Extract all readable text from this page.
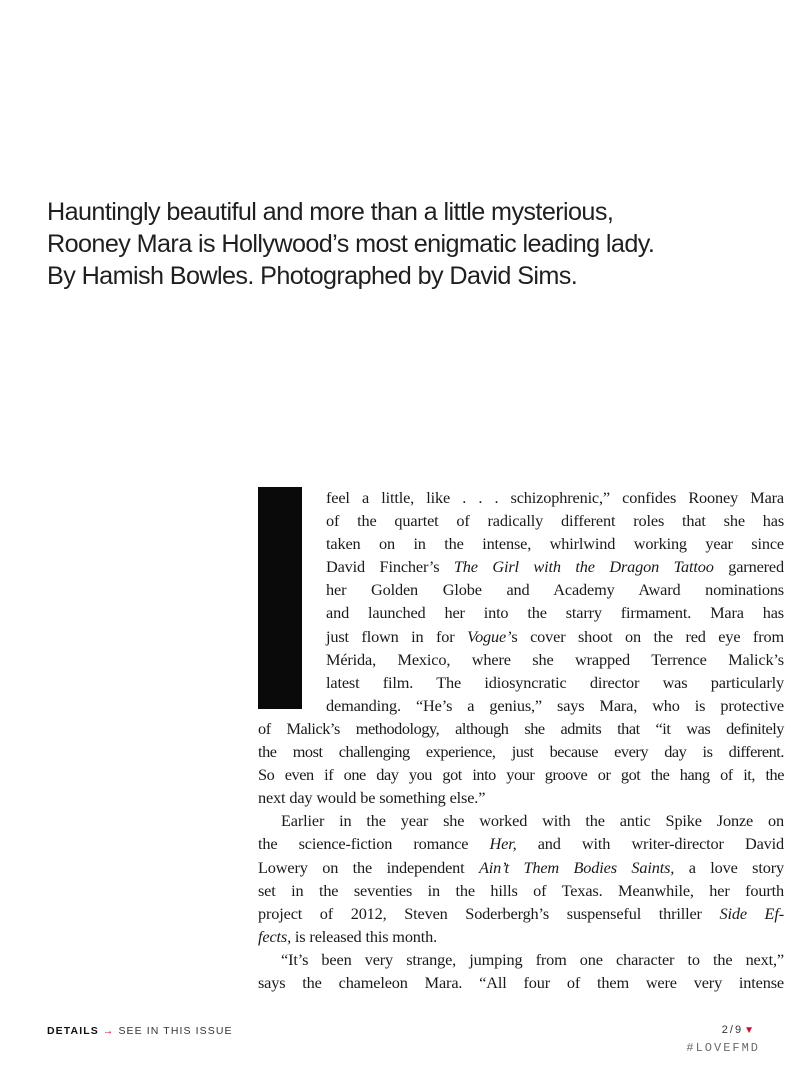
Hauntingly beautiful and more than a little mysterious,
Rooney Mara is Hollywood’s most enigmatic leading lady.
By Hamish Bowles. Photographed by David Sims.
feel a little, like . . . schizophrenic,” confides Rooney Mara
of the quartet of radically different roles that she has
taken on in the intense, whirlwind working year since
David Fincher’s The Girl with the Dragon Tattoo garnered
her Golden Globe and Academy Award nominations
and launched her into the starry firmament. Mara has
just flown in for Vogue’s cover shoot on the red eye from
Mérida, Mexico, where she wrapped Terrence Malick’s
latest film. The idiosyncratic director was particularly
demanding. “He’s a genius,” says Mara, who is protective
of Malick’s methodology, although she admits that “it was definitely
the most challenging experience, just because every day is different.
So even if one day you got into your groove or got the hang of it, the
next day would be something else.”
Earlier in the year she worked with the antic Spike Jonze on
the science-fiction romance Her, and with writer-director David
Lowery on the independent Ain’t Them Bodies Saints, a love story
set in the seventies in the hills of Texas. Meanwhile, her fourth
project of 2012, Steven Soderbergh’s suspenseful thriller Side Ef-
fects, is released this month.
“It’s been very strange, jumping from one character to the next,”
says the chameleon Mara. “All four of them were very intense
DETAILS → SEE IN THIS ISSUE	2/9▼
#LOVEFMD
